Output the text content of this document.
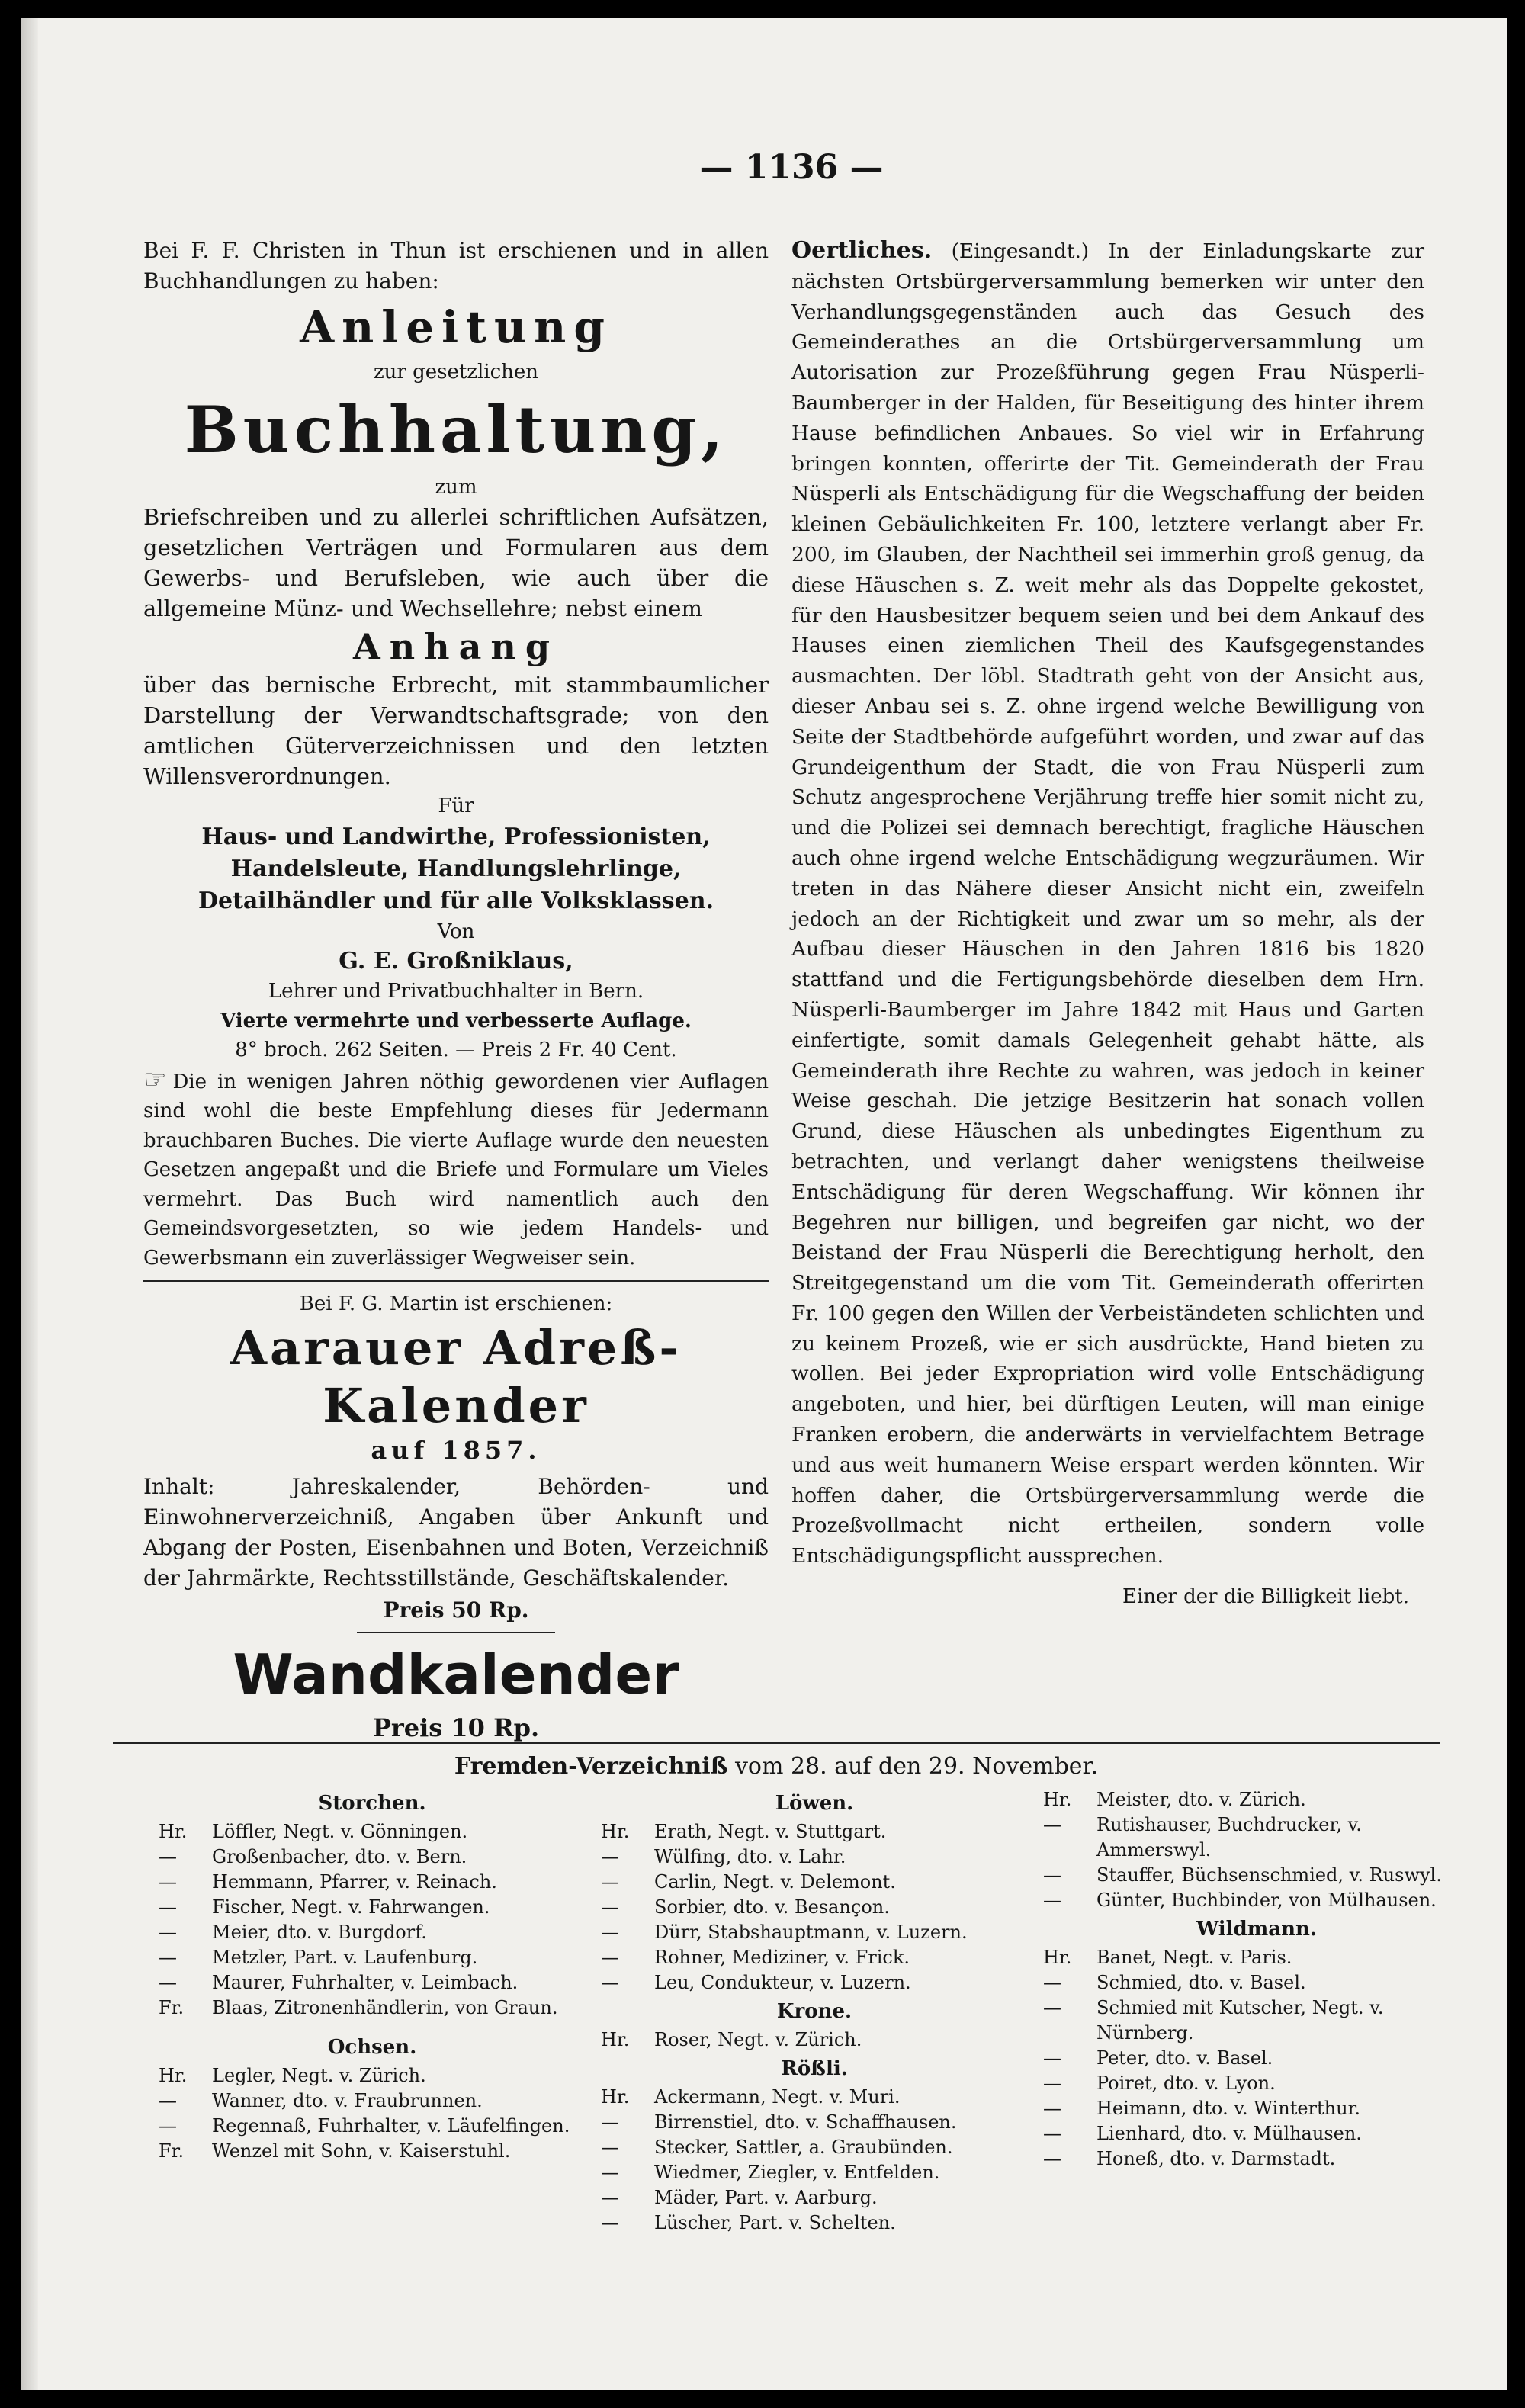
— 1136 —

Bei F. F. Christen in Thun ist erschienen und in allen Buchhandlungen zu haben:

Anleitung

zur gesetzlichen

Buchhaltung,

zum

Briefschreiben und zu allerlei schriftlichen Aufsätzen, gesetzlichen Verträgen und Formularen aus dem Gewerbs- und Berufsleben, wie auch über die allgemeine Münz- und Wechsellehre; nebst einem

Anhang

über das bernische Erbrecht, mit stammbaumlicher Darstellung der Verwandtschaftsgrade; von den amtlichen Güterverzeichnissen und den letzten Willensverordnungen.

Für

Haus- und Landwirthe, Professionisten, Handelsleute, Handlungslehrlinge, Detailhändler und für alle Volksklassen.

Von

G. E. Großniklaus,

Lehrer und Privatbuchhalter in Bern.

Vierte vermehrte und verbesserte Auflage.

8° broch. 262 Seiten. — Preis 2 Fr. 40 Cent.

☞ Die in wenigen Jahren nöthig gewordenen vier Auflagen sind wohl die beste Empfehlung dieses für Jedermann brauchbaren Buches. Die vierte Auflage wurde den neuesten Gesetzen angepaßt und die Briefe und Formulare um Vieles vermehrt. Das Buch wird namentlich auch den Gemeindsvorgesetzten, so wie jedem Handels- und Gewerbsmann ein zuverlässiger Wegweiser sein.

Bei F. G. Martin ist erschienen:

Aarauer Adreß-Kalender

auf 1857.

Inhalt: Jahreskalender, Behörden- und Einwohnerverzeichniß, Angaben über Ankunft und Abgang der Posten, Eisenbahnen und Boten, Verzeichniß der Jahrmärkte, Rechtsstillstände, Geschäftskalender.

Preis 50 Rp.

Wandkalender

Preis 10 Rp.

Oertliches. (Eingesandt.) In der Einladungskarte zur nächsten Ortsbürgerversammlung bemerken wir unter den Verhandlungsgegenständen auch das Gesuch des Gemeinderathes an die Ortsbürgerversammlung um Autorisation zur Prozeßführung gegen Frau Nüsperli-Baumberger in der Halden, für Beseitigung des hinter ihrem Hause befindlichen Anbaues. So viel wir in Erfahrung bringen konnten, offerirte der Tit. Gemeinderath der Frau Nüsperli als Entschädigung für die Wegschaffung der beiden kleinen Gebäulichkeiten Fr. 100, letztere verlangt aber Fr. 200, im Glauben, der Nachtheil sei immerhin groß genug, da diese Häuschen s. Z. weit mehr als das Doppelte gekostet, für den Hausbesitzer bequem seien und bei dem Ankauf des Hauses einen ziemlichen Theil des Kaufsgegenstandes ausmachten. Der löbl. Stadtrath geht von der Ansicht aus, dieser Anbau sei s. Z. ohne irgend welche Bewilligung von Seite der Stadtbehörde aufgeführt worden, und zwar auf das Grundeigenthum der Stadt, die von Frau Nüsperli zum Schutz angesprochene Verjährung treffe hier somit nicht zu, und die Polizei sei demnach berechtigt, fragliche Häuschen auch ohne irgend welche Entschädigung wegzuräumen. Wir treten in das Nähere dieser Ansicht nicht ein, zweifeln jedoch an der Richtigkeit und zwar um so mehr, als der Aufbau dieser Häuschen in den Jahren 1816 bis 1820 stattfand und die Fertigungsbehörde dieselben dem Hrn. Nüsperli-Baumberger im Jahre 1842 mit Haus und Garten einfertigte, somit damals Gelegenheit gehabt hätte, als Gemeinderath ihre Rechte zu wahren, was jedoch in keiner Weise geschah. Die jetzige Besitzerin hat sonach vollen Grund, diese Häuschen als unbedingtes Eigenthum zu betrachten, und verlangt daher wenigstens theilweise Entschädigung für deren Wegschaffung. Wir können ihr Begehren nur billigen, und begreifen gar nicht, wo der Beistand der Frau Nüsperli die Berechtigung herholt, den Streitgegenstand um die vom Tit. Gemeinderath offerirten Fr. 100 gegen den Willen der Verbeiständeten schlichten und zu keinem Prozeß, wie er sich ausdrückte, Hand bieten zu wollen. Bei jeder Expropriation wird volle Entschädigung angeboten, und hier, bei dürftigen Leuten, will man einige Franken erobern, die anderwärts in vervielfachtem Betrage und aus weit humanern Weise erspart werden könnten. Wir hoffen daher, die Ortsbürgerversammlung werde die Prozeßvollmacht nicht ertheilen, sondern volle Entschädigungspflicht aussprechen.

Einer der die Billigkeit liebt.

Fremden-Verzeichniß vom 28. auf den 29. November.

Storchen.

Hr. Löffler, Negt. v. Gönningen.

— Großenbacher, dto. v. Bern.

— Hemmann, Pfarrer, v. Reinach.

— Fischer, Negt. v. Fahrwangen.

— Meier, dto. v. Burgdorf.

— Metzler, Part. v. Laufenburg.

— Maurer, Fuhrhalter, v. Leimbach.

Fr. Blaas, Zitronenhändlerin, von Graun.

Ochsen.

Hr. Legler, Negt. v. Zürich.

— Wanner, dto. v. Fraubrunnen.

— Regennaß, Fuhrhalter, v. Läufelfingen.

Fr. Wenzel mit Sohn, v. Kaiserstuhl.

Löwen.

Hr. Erath, Negt. v. Stuttgart.

— Wülfing, dto. v. Lahr.

— Carlin, Negt. v. Delemont.

— Sorbier, dto. v. Besançon.

— Dürr, Stabshauptmann, v. Luzern.

— Rohner, Mediziner, v. Frick.

— Leu, Condukteur, v. Luzern.

Krone.

Hr. Roser, Negt. v. Zürich.

Rößli.

Hr. Ackermann, Negt. v. Muri.

— Birrenstiel, dto. v. Schaffhausen.

— Stecker, Sattler, a. Graubünden.

— Wiedmer, Ziegler, v. Entfelden.

— Mäder, Part. v. Aarburg.

— Lüscher, Part. v. Schelten.

Hr. Meister, dto. v. Zürich.

— Rutishauser, Buchdrucker, v. Ammerswyl.

— Stauffer, Büchsenschmied, v. Ruswyl.

— Günter, Buchbinder, von Mülhausen.

Wildmann.

Hr. Banet, Negt. v. Paris.

— Schmied, dto. v. Basel.

— Schmied mit Kutscher, Negt. v. Nürnberg.

— Peter, dto. v. Basel.

— Poiret, dto. v. Lyon.

— Heimann, dto. v. Winterthur.

— Lienhard, dto. v. Mülhausen.

— Honeß, dto. v. Darmstadt.
